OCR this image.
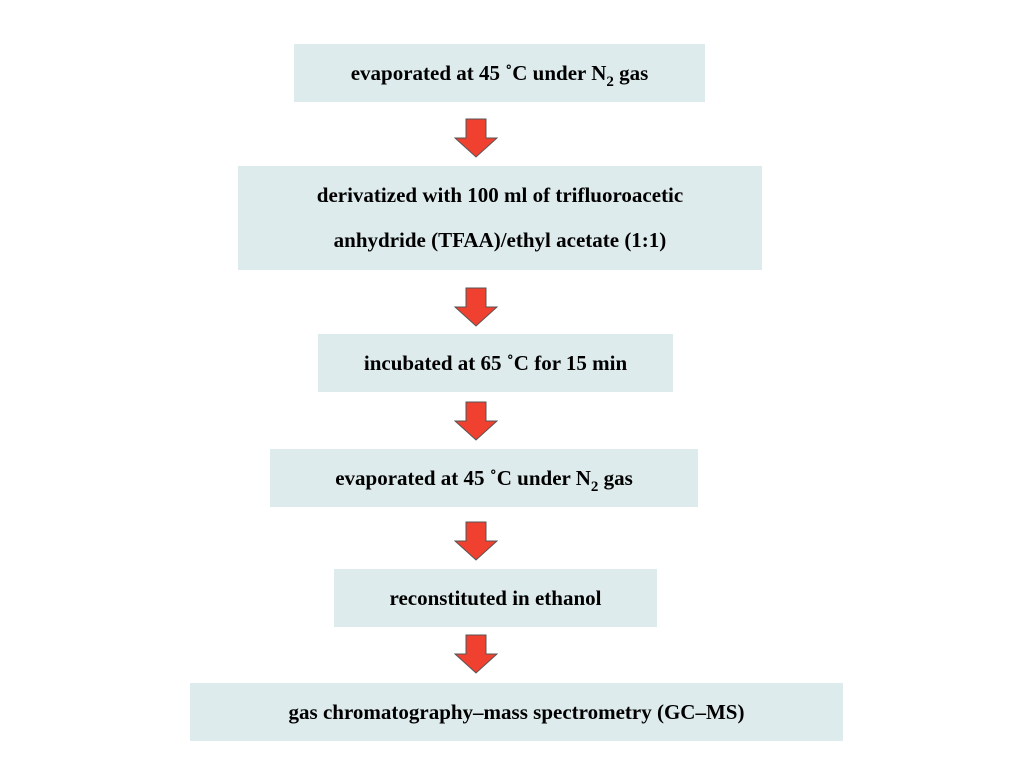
evaporated at 45 ˚C under $N_2$ gas
derivatized with 100 ml of trifluoroacetic
anhydride (TFAA)/ethyl acetate (1:1)
incubated at 65 ˚C for 15 min
evaporated at 45 ˚C under $N_2$ gas
reconstituted in ethanol
gas chromatography–mass spectrometry (GC–MS)
